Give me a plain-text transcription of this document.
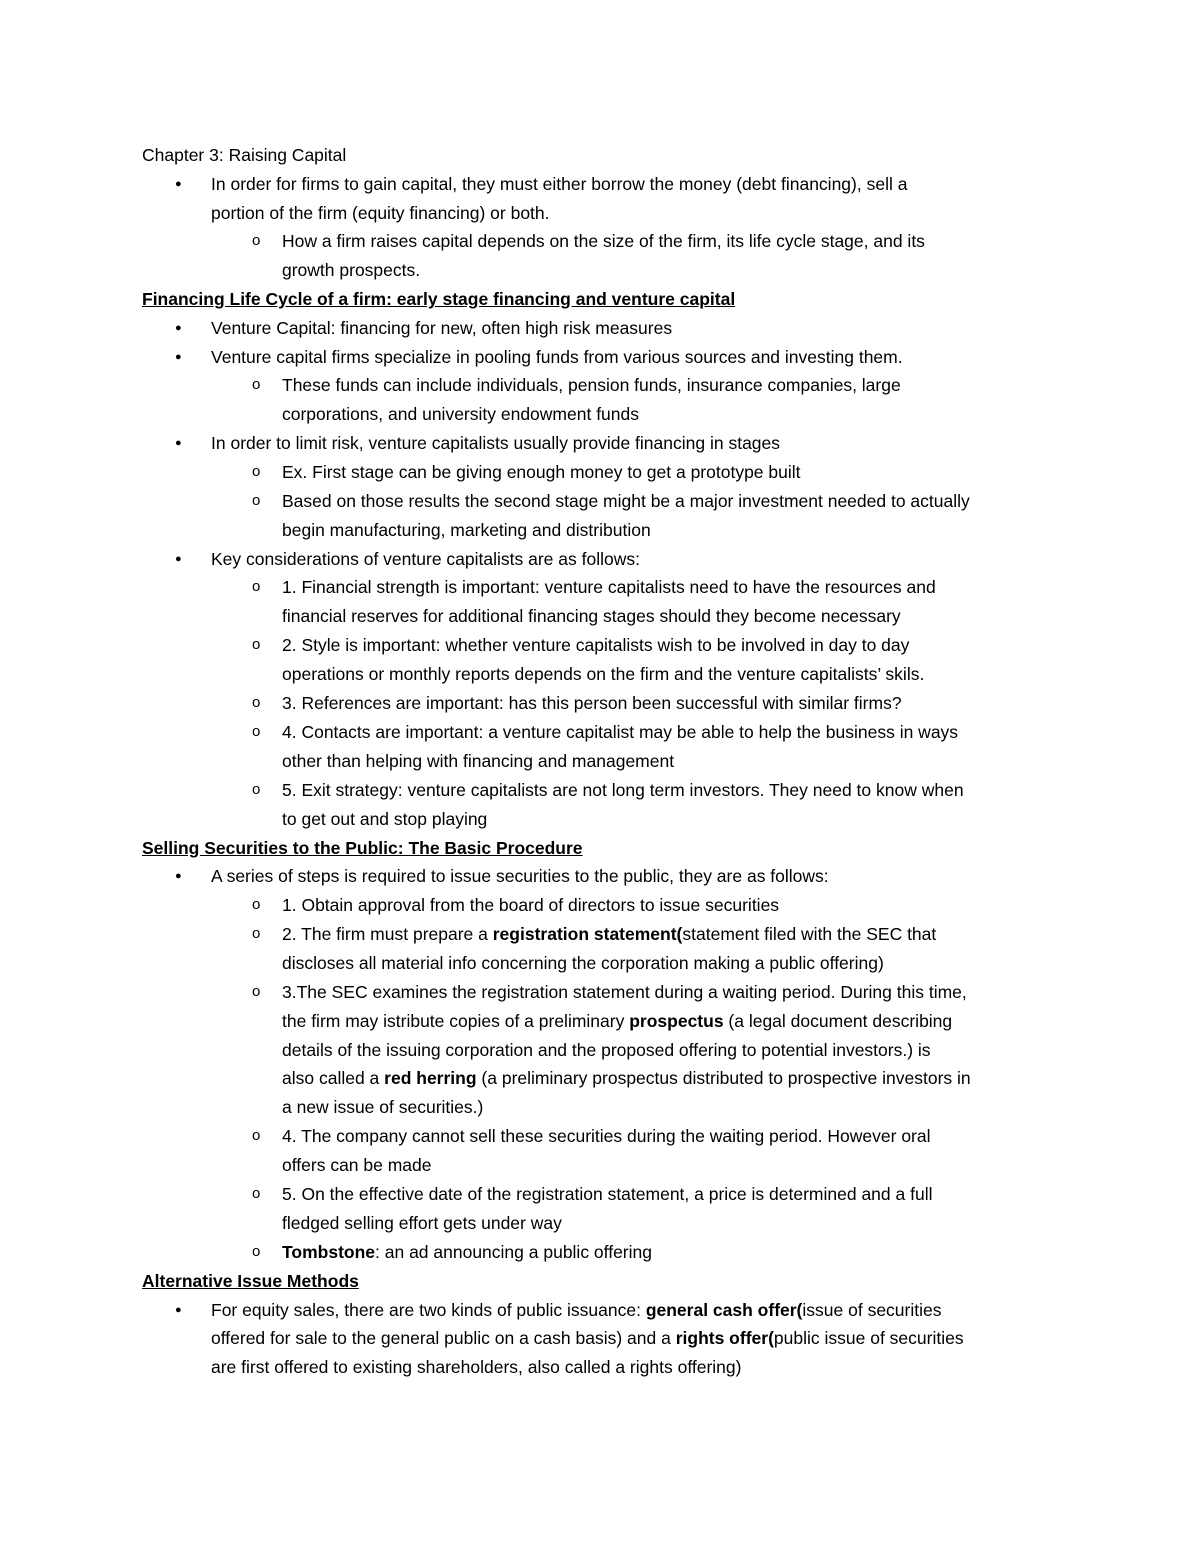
Chapter 3: Raising Capital
●	In order for firms to gain capital, they must either borrow the money (debt financing), sell a
portion of the firm (equity financing) or both.
o How a firm raises capital depends on the size of the firm, its life cycle stage, and its
growth prospects.
Financing Life Cycle of a firm: early stage financing and venture capital
●	Venture Capital: financing for new, often high risk measures
●	Venture capital firms specialize in pooling funds from various sources and investing them.
o These funds can include individuals, pension funds, insurance companies, large
corporations, and university endowment funds
●	In order to limit risk, venture capitalists usually provide financing in stages
o Ex. First stage can be giving enough money to get a prototype built
o Based on those results the second stage might be a major investment needed to actually
begin manufacturing, marketing and distribution
●	Key considerations of venture capitalists are as follows:
o 1. Financial strength is important: venture capitalists need to have the resources and
financial reserves for additional financing stages should they become necessary
o 2. Style is important: whether venture capitalists wish to be involved in day to day
operations or monthly reports depends on the firm and the venture capitalists’ skils.
o 3. References are important: has this person been successful with similar firms?
o 4. Contacts are important: a venture capitalist may be able to help the business in ways
other than helping with financing and management
o 5. Exit strategy: venture capitalists are not long term investors. They need to know when
to get out and stop playing
Selling Securities to the Public: The Basic Procedure
●	A series of steps is required to issue securities to the public, they are as follows:
o 1. Obtain approval from the board of directors to issue securities
o 2. The firm must prepare a registration statement(statement filed with the SEC that
discloses all material info concerning the corporation making a public offering)
o 3.The SEC examines the registration statement during a waiting period. During this time,
the firm may istribute copies of a preliminary prospectus (a legal document describing
details of the issuing corporation and the proposed offering to potential investors.) is
also called a red herring (a preliminary prospectus distributed to prospective investors in
a new issue of securities.)
o 4. The company cannot sell these securities during the waiting period. However oral
offers can be made
o 5. On the effective date of the registration statement, a price is determined and a full
fledged selling effort gets under way
o Tombstone: an ad announcing a public offering
Alternative Issue Methods
●	For equity sales, there are two kinds of public issuance: general cash offer(issue of securities
offered for sale to the general public on a cash basis) and a rights offer(public issue of securities
are first offered to existing shareholders, also called a rights offering)
